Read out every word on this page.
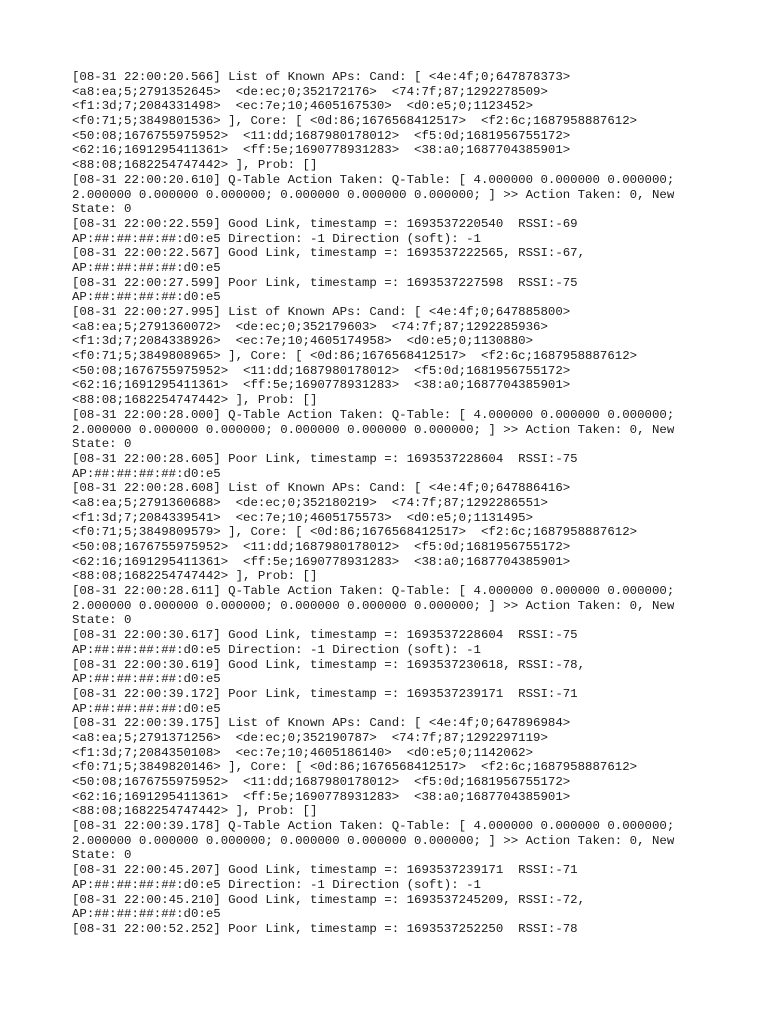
[08-31 22:00:20.566] List of Known APs: Cand: [ <4e:4f;0;647878373>
<a8:ea;5;2791352645>  <de:ec;0;352172176>  <74:7f;87;1292278509>
<f1:3d;7;2084331498>  <ec:7e;10;4605167530>  <d0:e5;0;1123452>
<f0:71;5;3849801536> ], Core: [ <0d:86;1676568412517>  <f2:6c;1687958887612>
<50:08;1676755975952>  <11:dd;1687980178012>  <f5:0d;1681956755172>
<62:16;1691295411361>  <ff:5e;1690778931283>  <38:a0;1687704385901>
<88:08;1682254747442> ], Prob: []
[08-31 22:00:20.610] Q-Table Action Taken: Q-Table: [ 4.000000 0.000000 0.000000;
2.000000 0.000000 0.000000; 0.000000 0.000000 0.000000; ] >> Action Taken: 0, New
State: 0
[08-31 22:00:22.559] Good Link, timestamp =: 1693537220540  RSSI:-69
AP:##:##:##:##:d0:e5 Direction: -1 Direction (soft): -1
[08-31 22:00:22.567] Good Link, timestamp =: 1693537222565, RSSI:-67,
AP:##:##:##:##:d0:e5
[08-31 22:00:27.599] Poor Link, timestamp =: 1693537227598  RSSI:-75
AP:##:##:##:##:d0:e5
[08-31 22:00:27.995] List of Known APs: Cand: [ <4e:4f;0;647885800>
<a8:ea;5;2791360072>  <de:ec;0;352179603>  <74:7f;87;1292285936>
<f1:3d;7;2084338926>  <ec:7e;10;4605174958>  <d0:e5;0;1130880>
<f0:71;5;3849808965> ], Core: [ <0d:86;1676568412517>  <f2:6c;1687958887612>
<50:08;1676755975952>  <11:dd;1687980178012>  <f5:0d;1681956755172>
<62:16;1691295411361>  <ff:5e;1690778931283>  <38:a0;1687704385901>
<88:08;1682254747442> ], Prob: []
[08-31 22:00:28.000] Q-Table Action Taken: Q-Table: [ 4.000000 0.000000 0.000000;
2.000000 0.000000 0.000000; 0.000000 0.000000 0.000000; ] >> Action Taken: 0, New
State: 0
[08-31 22:00:28.605] Poor Link, timestamp =: 1693537228604  RSSI:-75
AP:##:##:##:##:d0:e5
[08-31 22:00:28.608] List of Known APs: Cand: [ <4e:4f;0;647886416>
<a8:ea;5;2791360688>  <de:ec;0;352180219>  <74:7f;87;1292286551>
<f1:3d;7;2084339541>  <ec:7e;10;4605175573>  <d0:e5;0;1131495>
<f0:71;5;3849809579> ], Core: [ <0d:86;1676568412517>  <f2:6c;1687958887612>
<50:08;1676755975952>  <11:dd;1687980178012>  <f5:0d;1681956755172>
<62:16;1691295411361>  <ff:5e;1690778931283>  <38:a0;1687704385901>
<88:08;1682254747442> ], Prob: []
[08-31 22:00:28.611] Q-Table Action Taken: Q-Table: [ 4.000000 0.000000 0.000000;
2.000000 0.000000 0.000000; 0.000000 0.000000 0.000000; ] >> Action Taken: 0, New
State: 0
[08-31 22:00:30.617] Good Link, timestamp =: 1693537228604  RSSI:-75
AP:##:##:##:##:d0:e5 Direction: -1 Direction (soft): -1
[08-31 22:00:30.619] Good Link, timestamp =: 1693537230618, RSSI:-78,
AP:##:##:##:##:d0:e5
[08-31 22:00:39.172] Poor Link, timestamp =: 1693537239171  RSSI:-71
AP:##:##:##:##:d0:e5
[08-31 22:00:39.175] List of Known APs: Cand: [ <4e:4f;0;647896984>
<a8:ea;5;2791371256>  <de:ec;0;352190787>  <74:7f;87;1292297119>
<f1:3d;7;2084350108>  <ec:7e;10;4605186140>  <d0:e5;0;1142062>
<f0:71;5;3849820146> ], Core: [ <0d:86;1676568412517>  <f2:6c;1687958887612>
<50:08;1676755975952>  <11:dd;1687980178012>  <f5:0d;1681956755172>
<62:16;1691295411361>  <ff:5e;1690778931283>  <38:a0;1687704385901>
<88:08;1682254747442> ], Prob: []
[08-31 22:00:39.178] Q-Table Action Taken: Q-Table: [ 4.000000 0.000000 0.000000;
2.000000 0.000000 0.000000; 0.000000 0.000000 0.000000; ] >> Action Taken: 0, New
State: 0
[08-31 22:00:45.207] Good Link, timestamp =: 1693537239171  RSSI:-71
AP:##:##:##:##:d0:e5 Direction: -1 Direction (soft): -1
[08-31 22:00:45.210] Good Link, timestamp =: 1693537245209, RSSI:-72,
AP:##:##:##:##:d0:e5
[08-31 22:00:52.252] Poor Link, timestamp =: 1693537252250  RSSI:-78
